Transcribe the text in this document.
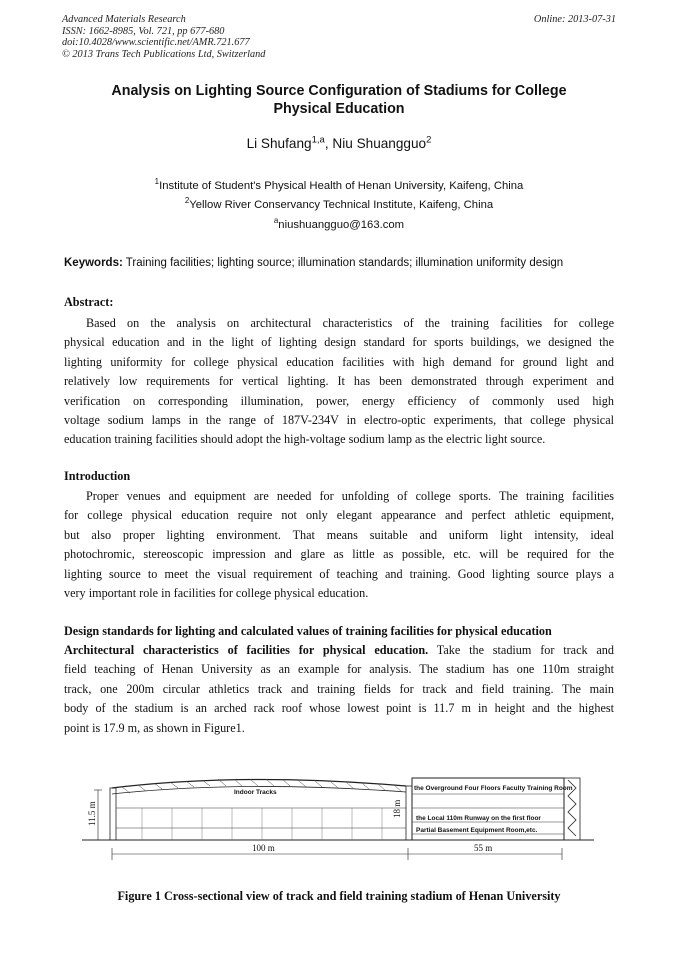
Advanced Materials Research
ISSN: 1662-8985, Vol. 721, pp 677-680
doi:10.4028/www.scientific.net/AMR.721.677
© 2013 Trans Tech Publications Ltd, Switzerland
Online: 2013-07-31
Analysis on Lighting Source Configuration of Stadiums for College
Physical Education
Li Shufang$^{1,a}$, Niu Shuangguo$^2$
$^1$Institute of Student's Physical Health of Henan University, Kaifeng, China
$^2$Yellow River Conservancy Technical Institute, Kaifeng, China
$^a$niushuangguo@163.com
Keywords: Training facilities; lighting source; illumination standards; illumination uniformity design
Abstract:
Based on the analysis on architectural characteristics of the training facilities for college
physical education and in the light of lighting design standard for sports buildings, we designed the
lighting uniformity for college physical education facilities with high demand for ground light and
relatively low requirements for vertical lighting. It has been demonstrated through experiment and
verification on corresponding illumination, power, energy efficiency of commonly used high
voltage sodium lamps in the range of 187V-234V in electro-optic experiments, that college physical
education training facilities should adopt the high-voltage sodium lamp as the electric light source.
Introduction
Proper venues and equipment are needed for unfolding of college sports. The training facilities
for college physical education require not only elegant appearance and perfect athletic equipment,
but also proper lighting environment. That means suitable and uniform light intensity, ideal
photochromic, stereoscopic impression and glare as little as possible, etc. will be required for the
lighting source to meet the visual requirement of teaching and training. Good lighting source plays a
very important role in facilities for college physical education.
Design standards for lighting and calculated values of training facilities for physical education
Architectural characteristics of facilities for physical education. Take the stadium for track and
field teaching of Henan University as an example for analysis. The stadium has one 110m straight
track, one 200m circular athletics track and training fields for track and field training. The main
body of the stadium is an arched rack roof whose lowest point is 11.7 m in height and the highest
point is 17.9 m, as shown in Figure1.
Indoor Tracks
the Overground Four Floors Faculty Training Room
the Local 110m Runway on the first floor
Partial Basement Equipment Room,etc.
11.5 m	18 m
100 m	55 m
Figure 1 Cross-sectional view of track and field training stadium of Henan University
